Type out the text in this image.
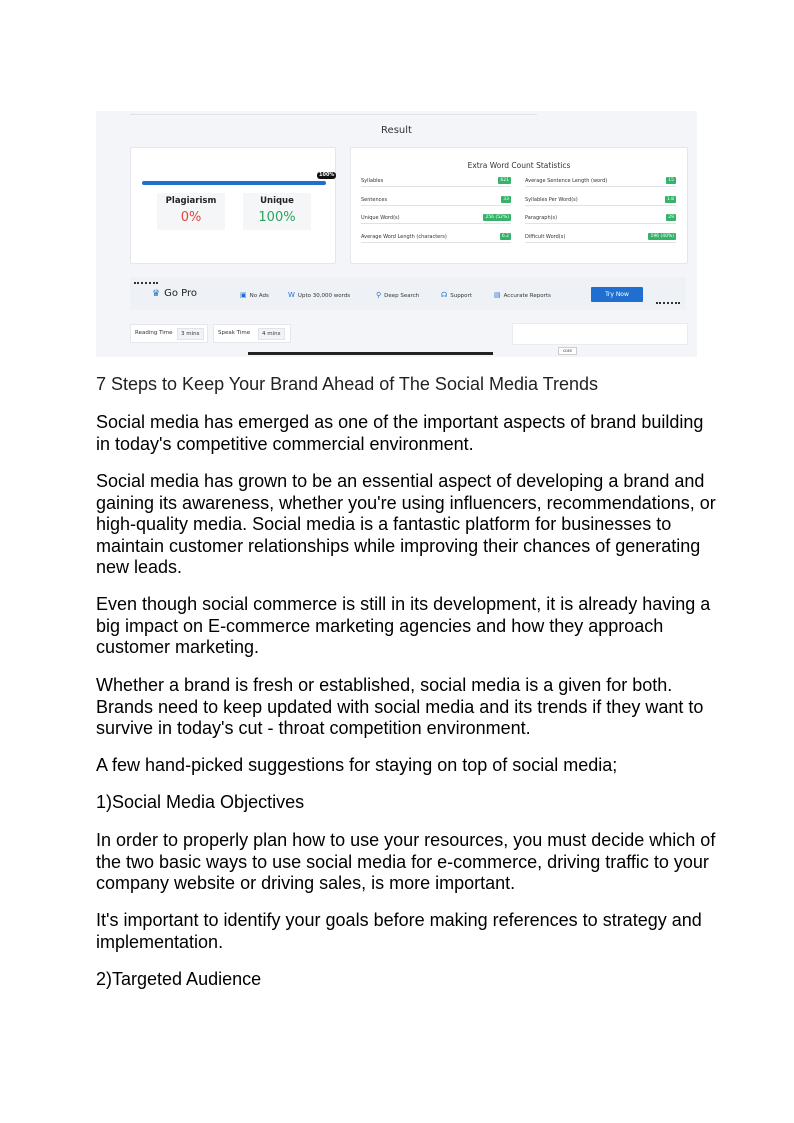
Result
100%
Plagiarism
0%
Unique
100%
Extra Word Count Statistics
Syllables	621
Sentences	33
Unique Word(s)	256 (52%)
Average Word Length (characters)	6.2
Average Sentence Length (word)	15
Syllables Per Word(s)	1.8
Paragraph(s)	29
Difficult Word(s)	196 (40%)
♛ Go Pro	▣ No Ads	W Upto 30,000 words	⚲ Deep Search	☊ Support	▤ Accurate Reports	Try Now
Reading Time	3 mins	Speak Time	4 mins
CDEE
7 Steps to Keep Your Brand Ahead of The Social Media Trends

Social media has emerged as one of the important aspects of brand building in today's competitive commercial environment.

Social media has grown to be an essential aspect of developing a brand and gaining its awareness, whether you're using influencers, recommendations, or high-quality media. Social media is a fantastic platform for businesses to maintain customer relationships while improving their chances of generating new leads.

Even though social commerce is still in its development, it is already having a big impact on E-commerce marketing agencies and how they approach customer marketing.

Whether a brand is fresh or established, social media is a given for both. Brands need to keep updated with social media and its trends if they want to survive in today's cut - throat competition environment.

A few hand-picked suggestions for staying on top of social media;

1)Social Media Objectives

In order to properly plan how to use your resources, you must decide which of the two basic ways to use social media for e-commerce, driving traffic to your company website or driving sales, is more important.

It's important to identify your goals before making references to strategy and implementation.

2)Targeted Audience
